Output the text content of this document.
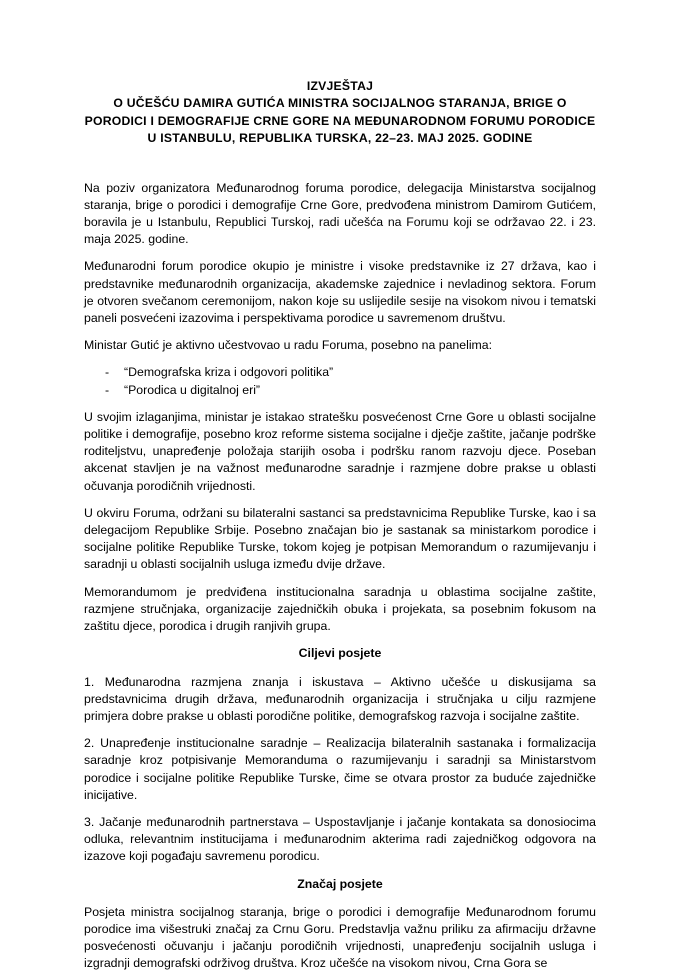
IZVJEŠTAJ
O UČEŠĆU DAMIRA GUTIĆA MINISTRA SOCIJALNOG STARANJA, BRIGE O
PORODICI I DEMOGRAFIJE CRNE GORE NA MEĐUNARODNOM FORUMU PORODICE
U ISTANBULU, REPUBLIKA TURSKA, 22–23. MAJ 2025. GODINE

Na poziv organizatora Međunarodnog foruma porodice, delegacija Ministarstva socijalnog staranja, brige o porodici i demografije Crne Gore, predvođena ministrom Damirom Gutićem, boravila je u Istanbulu, Republici Turskoj, radi učešća na Forumu koji se održavao 22. i 23. maja 2025. godine.

Međunarodni forum porodice okupio je ministre i visoke predstavnike iz 27 država, kao i predstavnike međunarodnih organizacija, akademske zajednice i nevladinog sektora. Forum je otvoren svečanom ceremonijom, nakon koje su uslijedile sesije na visokom nivou i tematski paneli posvećeni izazovima i perspektivama porodice u savremenom društvu.

Ministar Gutić je aktivno učestvovao u radu Foruma, posebno na panelima:

- “Demografska kriza i odgovori politika”
- “Porodica u digitalnoj eri”

U svojim izlaganjima, ministar je istakao stratešku posvećenost Crne Gore u oblasti socijalne politike i demografije, posebno kroz reforme sistema socijalne i dječje zaštite, jačanje podrške roditeljstvu, unapređenje položaja starijih osoba i podršku ranom razvoju djece. Poseban akcenat stavljen je na važnost međunarodne saradnje i razmjene dobre prakse u oblasti očuvanja porodičnih vrijednosti.

U okviru Foruma, održani su bilateralni sastanci sa predstavnicima Republike Turske, kao i sa delegacijom Republike Srbije. Posebno značajan bio je sastanak sa ministarkom porodice i socijalne politike Republike Turske, tokom kojeg je potpisan Memorandum o razumijevanju i saradnji u oblasti socijalnih usluga između dvije države.

Memorandumom je predviđena institucionalna saradnja u oblastima socijalne zaštite, razmjene stručnjaka, organizacije zajedničkih obuka i projekata, sa posebnim fokusom na zaštitu djece, porodica i drugih ranjivih grupa.

Ciljevi posjete

1. Međunarodna razmjena znanja i iskustava – Aktivno učešće u diskusijama sa predstavnicima drugih država, međunarodnih organizacija i stručnjaka u cilju razmjene primjera dobre prakse u oblasti porodične politike, demografskog razvoja i socijalne zaštite.

2. Unapređenje institucionalne saradnje – Realizacija bilateralnih sastanaka i formalizacija saradnje kroz potpisivanje Memoranduma o razumijevanju i saradnji sa Ministarstvom porodice i socijalne politike Republike Turske, čime se otvara prostor za buduće zajedničke inicijative.

3. Jačanje međunarodnih partnerstava – Uspostavljanje i jačanje kontakata sa donosiocima odluka, relevantnim institucijama i međunarodnim akterima radi zajedničkog odgovora na izazove koji pogađaju savremenu porodicu.

Značaj posjete

Posjeta ministra socijalnog staranja, brige o porodici i demografije Međunarodnom forumu porodice ima višestruki značaj za Crnu Goru. Predstavlja važnu priliku za afirmaciju državne posvećenosti očuvanju i jačanju porodičnih vrijednosti, unapređenju socijalnih usluga i izgradnji demografski održivog društva. Kroz učešće na visokom nivou, Crna Gora se
